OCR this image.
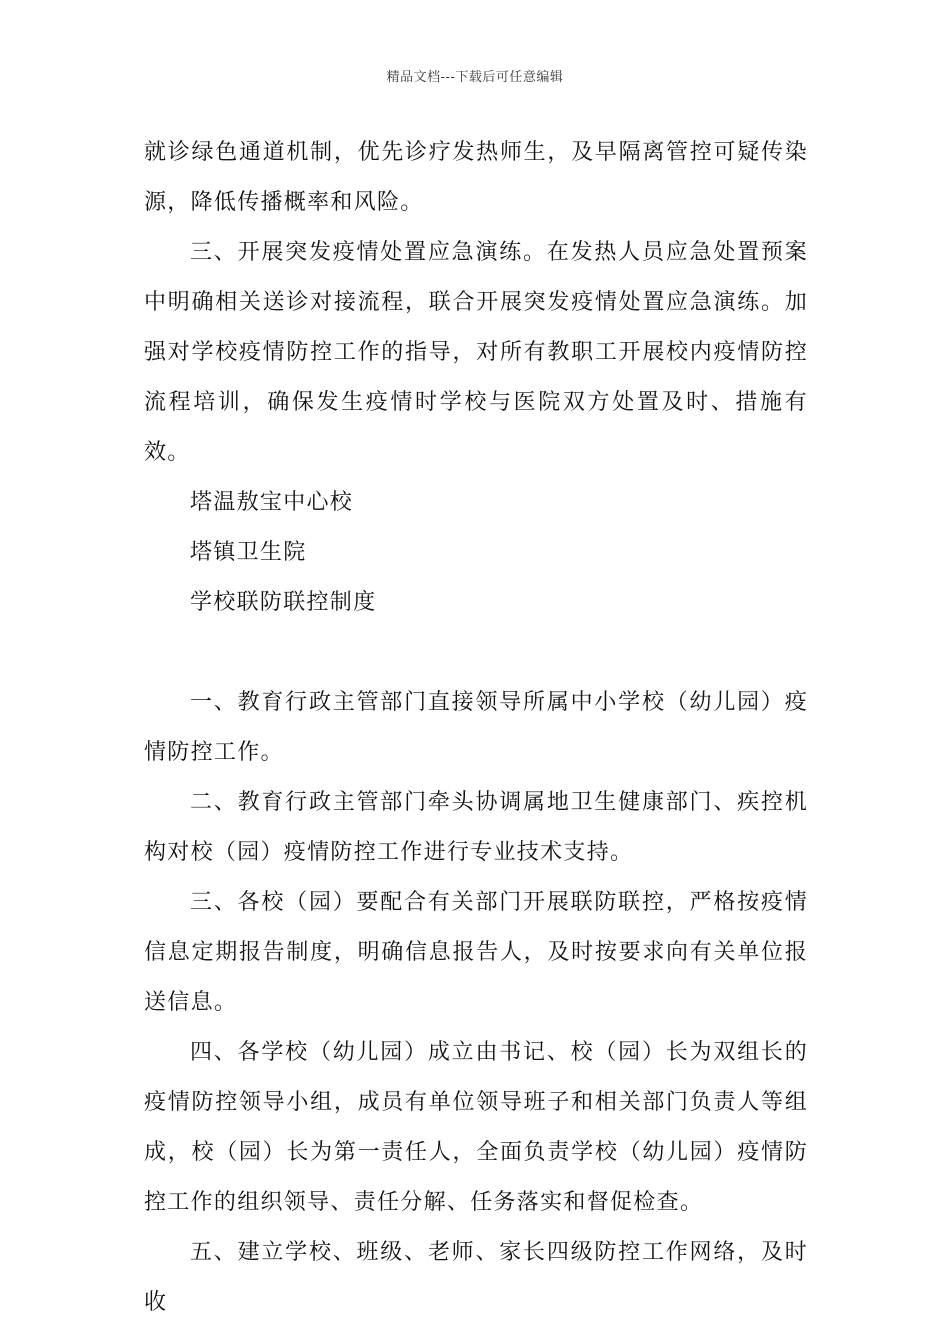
精品文档---下载后可任意编辑

就诊绿色通道机制，优先诊疗发热师生，及早隔离管控可疑传染源，降低传播概率和风险。

三、开展突发疫情处置应急演练。在发热人员应急处置预案中明确相关送诊对接流程，联合开展突发疫情处置应急演练。加强对学校疫情防控工作的指导，对所有教职工开展校内疫情防控流程培训，确保发生疫情时学校与医院双方处置及时、措施有效。

塔温敖宝中心校

塔镇卫生院

学校联防联控制度

一、教育行政主管部门直接领导所属中小学校（幼儿园）疫情防控工作。

二、教育行政主管部门牵头协调属地卫生健康部门、疾控机构对校（园）疫情防控工作进行专业技术支持。

三、各校（园）要配合有关部门开展联防联控，严格按疫情信息定期报告制度，明确信息报告人，及时按要求向有关单位报送信息。

四、各学校（幼儿园）成立由书记、校（园）长为双组长的疫情防控领导小组，成员有单位领导班子和相关部门负责人等组成，校（园）长为第一责任人，全面负责学校（幼儿园）疫情防控工作的组织领导、责任分解、任务落实和督促检查。

五、建立学校、班级、老师、家长四级防控工作网络，及时收
